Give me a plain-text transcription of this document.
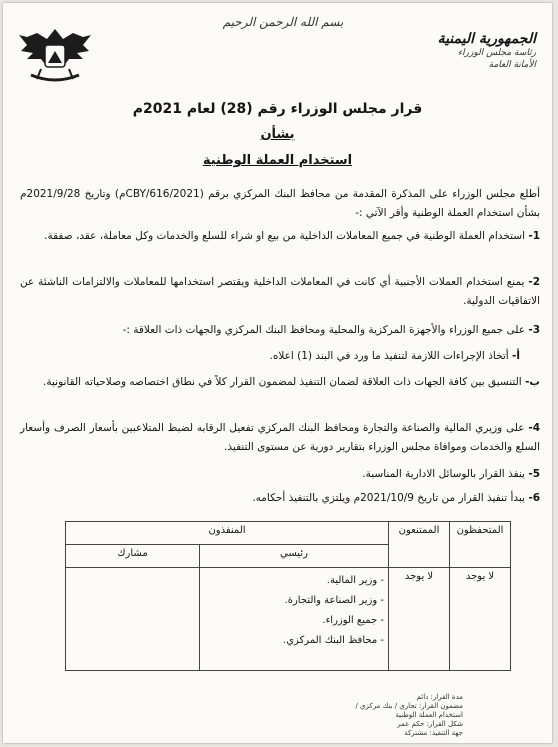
بسم الله الرحمن الرحيم
الجمهورية اليمنية
رئاسة مجلس الوزراء
الأمانة العامة
قرار مجلس الوزراء رقم (28) لعام 2021م
بشأن
استخدام العملة الوطنية
أطلع مجلس الوزراء على المذكرة المقدمة من محافظ البنك المركزي برقم (2021/CBY/616م) وتاريخ 2021/9/28م بشأن استخدام العملة الوطنية وأقر الآتي :-
1- استخدام العملة الوطنية في جميع المعاملات الداخلية من بيع او شراء للسلع والخدمات وكل معاملة، عقد، صفقة.
2- يمنع استخدام العملات الأجنبية أي كانت في المعاملات الداخلية ويقتصر استخدامها للمعاملات والالتزامات الناشئة عن الاتفاقيات الدولية.
3- على جميع الوزراء والأجهزة المركزية والمحلية ومحافظ البنك المركزي والجهات ذات العلاقة :-
أ- أتخاذ الإجراءات اللازمة لتنفيذ ما ورد في البند (1) اعلاه.
ب- التنسيق بين كافة الجهات ذات العلاقة لضمان التنفيذ لمضمون القرار كلاً في نطاق اختصاصه وصلاحياته القانونية.
4- على وزيري المالية والصناعة والتجارة ومحافظ البنك المركزي تفعيل الرقابه لضبط المتلاعبين بأسعار الصرف وأسعار السلع والخدمات وموافاة مجلس الوزراء بتقارير دورية عن مستوى التنفيذ.
5- ينفذ القرار بالوسائل الادارية المناسبة.
6- يبدأ تنفيذ القرار من تاريخ 2021/10/9م ويلتزي بالتنفيذ أحكامه.
المتحفظون	الممتنعون	المنفذون	
		رئيسي	مشارك
لا يوجد	لا يوجد	- وزير المالية.
- وزير الصناعة والتجارة.
- جميع الوزراء.
- محافظ البنك المركزي.	

مدة القرار: دائم
مضمون القرار: تجاري / بنك مركزي / استخدام العملة الوطنية
شكل القرار: حكم عمر
جهة التنفيذ: مشتركة
